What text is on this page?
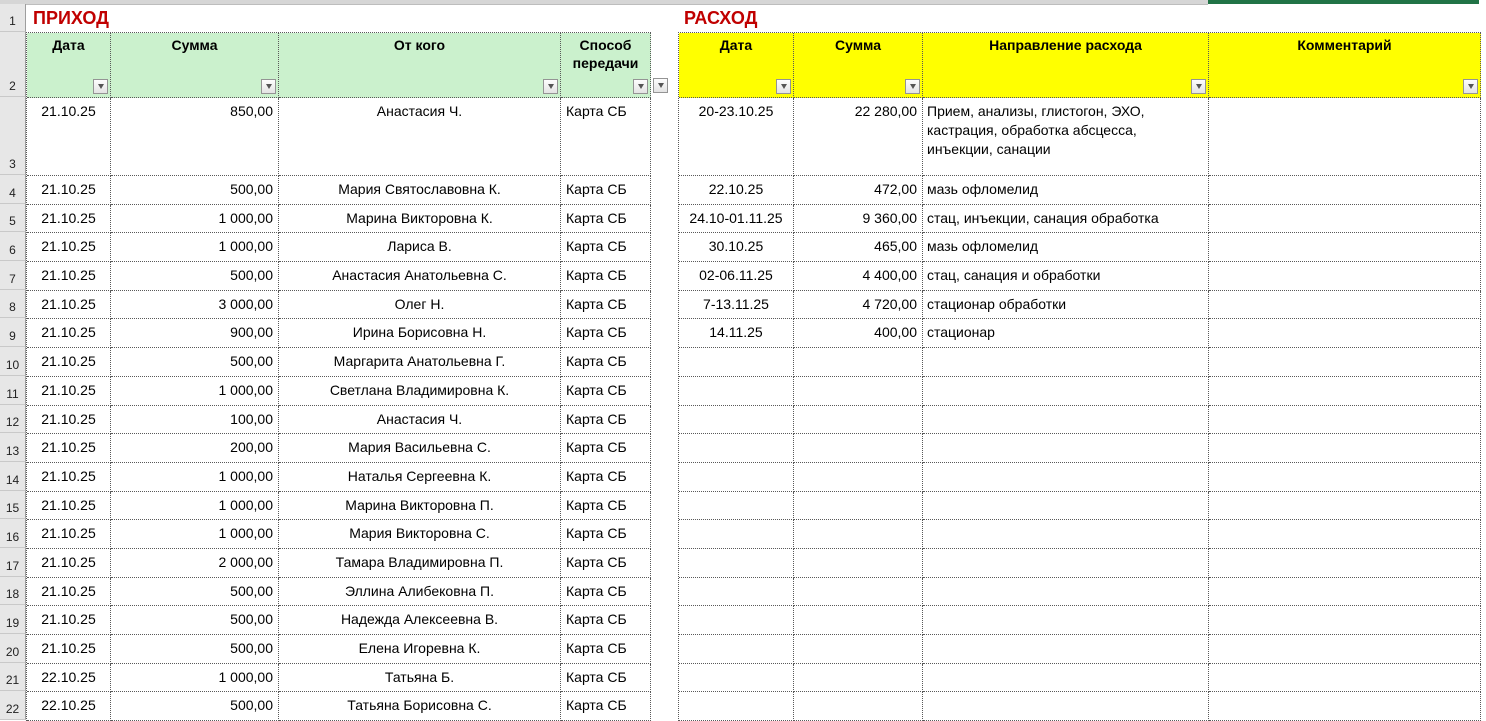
1
2
3
4
5
6
7
8
9
10
11
12
13
14
15
16
17
18
19
20
21
22
ПРИХОД	РАСХОД
Дата	Сумма	От кого	Способ передачи
21.10.25	850,00	Анастасия Ч.	Карта СБ
21.10.25	500,00	Мария Святославовна К.	Карта СБ
21.10.25	1 000,00	Марина Викторовна К.	Карта СБ
21.10.25	1 000,00	Лариса В.	Карта СБ
21.10.25	500,00	Анастасия Анатольевна С.	Карта СБ
21.10.25	3 000,00	Олег Н.	Карта СБ
21.10.25	900,00	Ирина Борисовна Н.	Карта СБ
21.10.25	500,00	Маргарита Анатольевна Г.	Карта СБ
21.10.25	1 000,00	Светлана Владимировна К.	Карта СБ
21.10.25	100,00	Анастасия Ч.	Карта СБ
21.10.25	200,00	Мария Васильевна С.	Карта СБ
21.10.25	1 000,00	Наталья Сергеевна К.	Карта СБ
21.10.25	1 000,00	Марина Викторовна П.	Карта СБ
21.10.25	1 000,00	Мария Викторовна С.	Карта СБ
21.10.25	2 000,00	Тамара Владимировна П.	Карта СБ
21.10.25	500,00	Эллина Алибековна П.	Карта СБ
21.10.25	500,00	Надежда Алексеевна В.	Карта СБ
21.10.25	500,00	Елена Игоревна К.	Карта СБ
22.10.25	1 000,00	Татьяна Б.	Карта СБ
22.10.25	500,00	Татьяна Борисовна С.	Карта СБ
Дата	Сумма	Направление расхода	Комментарий
20-23.10.25	22 280,00 Прием, анализы, глистогон, ЭХО, кастрация, обработка абсцесса, инъекции, санации
22.10.25	472,00 мазь офломелид
24.10-01.11.25	9 360,00 стац, инъекции, санация обработка
30.10.25	465,00 мазь офломелид
02-06.11.25	4 400,00 стац, санация и обработки
7-13.11.25	4 720,00 стационар обработки
14.11.25	400,00 стационар
